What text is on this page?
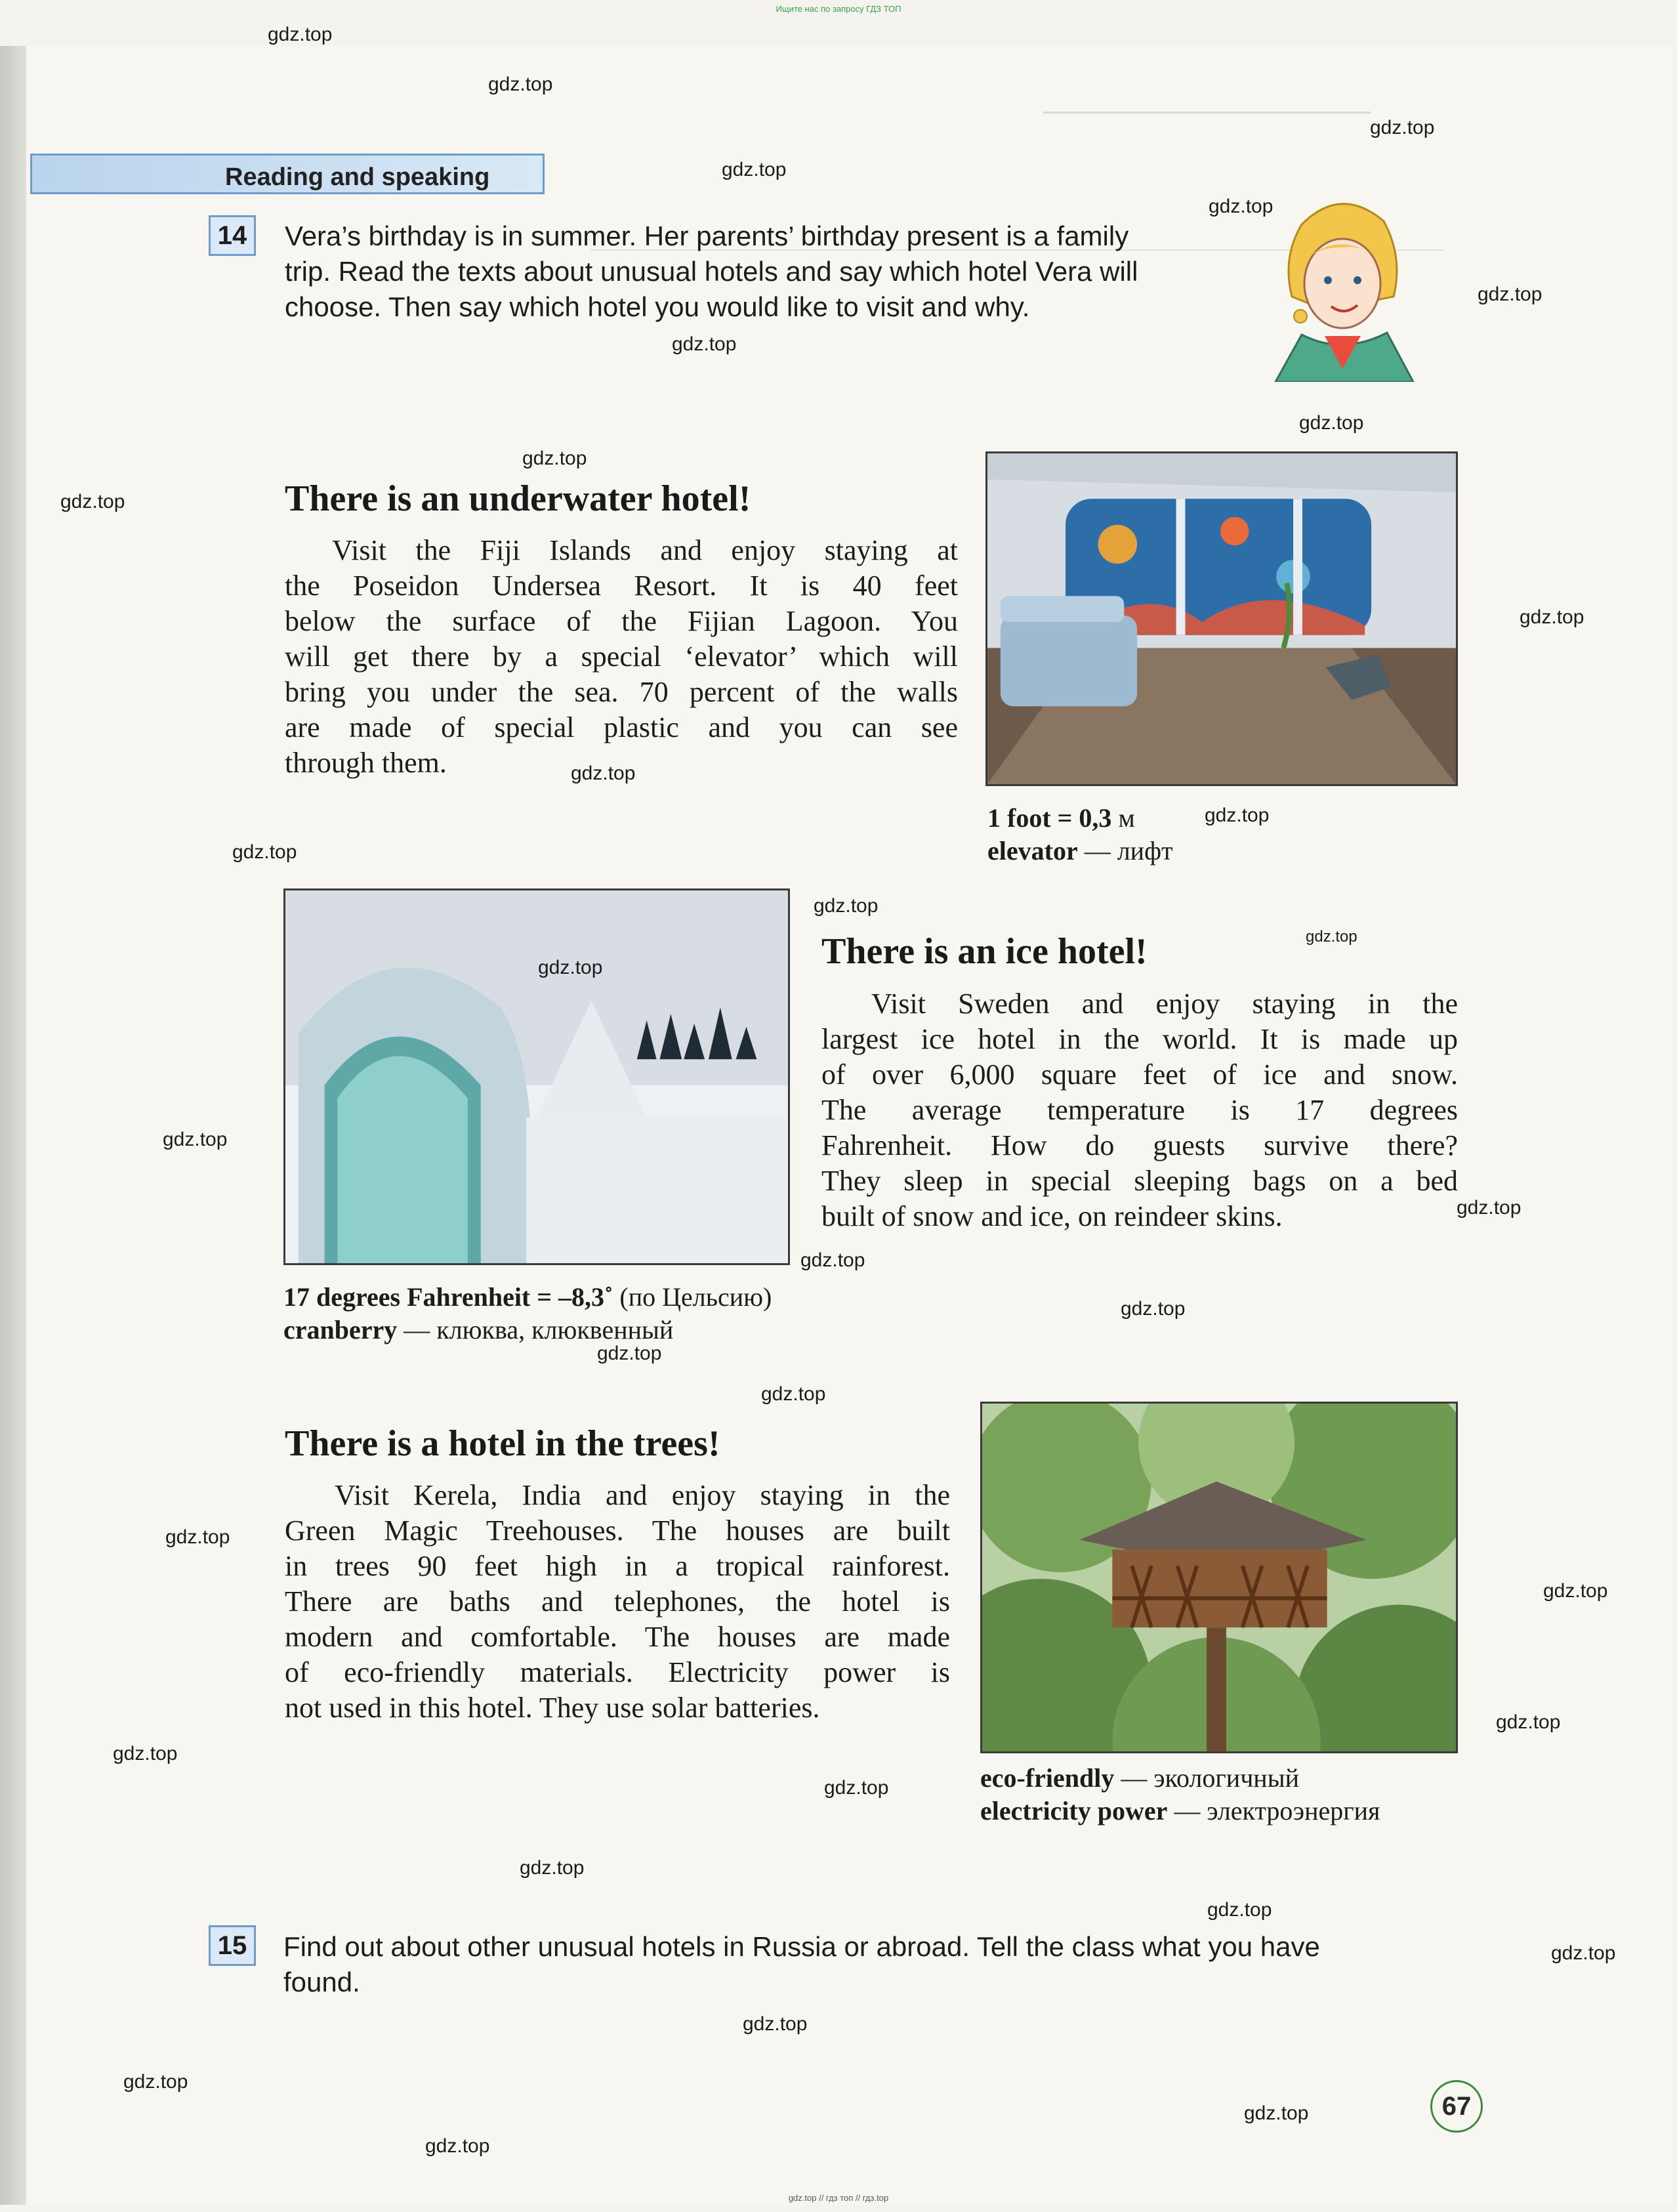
Ищите нас по запросу ГДЗ ТОП
Reading and speaking
14	Vera’s birthday is in summer. Her parents’ birthday present is a family
trip. Read the texts about unusual hotels and say which hotel Vera will
choose. Then say which hotel you would like to visit and why.
There is an underwater hotel!
Visit the Fiji Islands and enjoy staying at
the Poseidon Undersea Resort. It is 40 feet
below the surface of the Fijian Lagoon. You
will get there by a special ‘elevator’ which will
bring you under the sea. 70 percent of the walls
are made of special plastic and you can see
through them.
1 foot = 0,3 м
elevator — лифт
There is an ice hotel!
Visit Sweden and enjoy staying in the
largest ice hotel in the world. It is made up
of over 6,000 square feet of ice and snow.
The average temperature is 17 degrees
Fahrenheit. How do guests survive there?
They sleep in special sleeping bags on a bed
built of snow and ice, on reindeer skins.
17 degrees Fahrenheit = –8,3˚ (по Цельсию)
cranberry — клюква, клюквенный
There is a hotel in the trees!
Visit Kerela, India and enjoy staying in the
Green Magic Treehouses. The houses are built
in trees 90 feet high in a tropical rainforest.
There are baths and telephones, the hotel is
modern and comfortable. The houses are made
of eco-friendly materials. Electricity power is
not used in this hotel. They use solar batteries.
eco-friendly — экологичный
electricity power — электроэнергия
15	Find out about other unusual hotels in Russia or abroad. Tell the class what you have
found.
67
gdz.top
gdz.top
gdz.top
gdz.top
gdz.top
gdz.top
gdz.top
gdz.top
gdz.top
gdz.top
gdz.top
gdz.top
gdz.top
gdz.top
gdz.top
gdz.top
gdz.top
gdz.top
gdz.top
gdz.top
gdz.top
gdz.top
gdz.top
gdz.top
gdz.top
gdz.top
gdz.top
gdz.top
gdz.top
gdz.top
gdz.top
gdz.top
gdz.top
gdz.top
gdz.top
gdz.top // гдз топ // гдз.top
